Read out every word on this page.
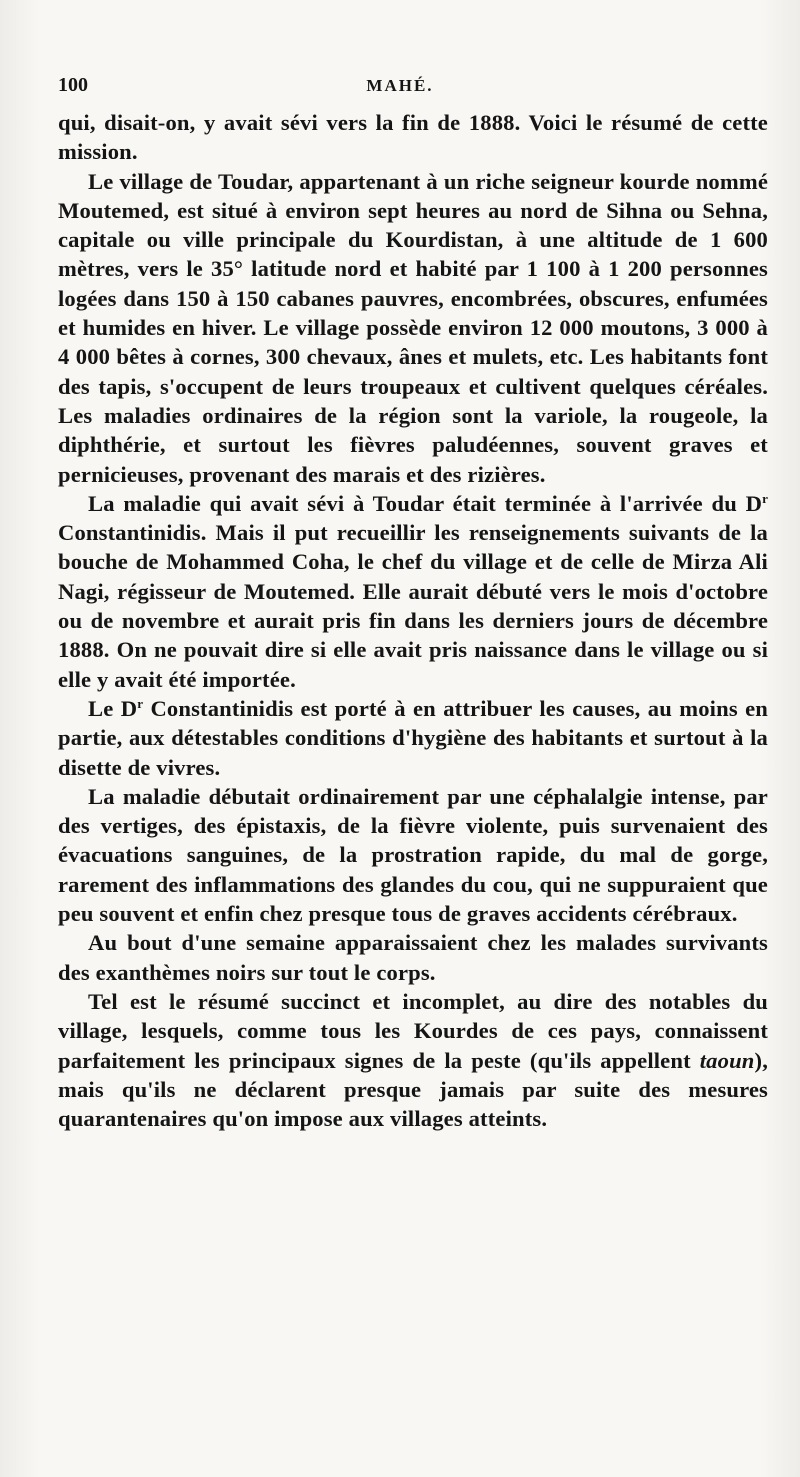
100	MAHÉ.

qui, disait-on, y avait sévi vers la fin de 1888. Voici le résumé de cette mission.

Le village de Toudar, appartenant à un riche seigneur kourde nommé Moutemed, est situé à environ sept heures au nord de Sihna ou Sehna, capitale ou ville principale du Kourdistan, à une altitude de 1 600 mètres, vers le 35° latitude nord et habité par 1 100 à 1 200 personnes logées dans 150 à 150 cabanes pauvres, encombrées, obscures, enfumées et humides en hiver. Le village possède environ 12 000 moutons, 3 000 à 4 000 bêtes à cornes, 300 chevaux, ânes et mulets, etc. Les habitants font des tapis, s'occupent de leurs troupeaux et cultivent quelques céréales. Les maladies ordinaires de la région sont la variole, la rougeole, la diphthérie, et surtout les fièvres paludéennes, souvent graves et pernicieuses, provenant des marais et des rizières.

La maladie qui avait sévi à Toudar était terminée à l'arrivée du $D^r$ Constantinidis. Mais il put recueillir les renseignements suivants de la bouche de Mohammed Coha, le chef du village et de celle de Mirza Ali Nagi, régisseur de Moutemed. Elle aurait débuté vers le mois d'octobre ou de novembre et aurait pris fin dans les derniers jours de décembre 1888. On ne pouvait dire si elle avait pris naissance dans le village ou si elle y avait été importée.

Le $D^r$ Constantinidis est porté à en attribuer les causes, au moins en partie, aux détestables conditions d'hygiène des habitants et surtout à la disette de vivres.

La maladie débutait ordinairement par une céphalalgie intense, par des vertiges, des épistaxis, de la fièvre violente, puis survenaient des évacuations sanguines, de la prostration rapide, du mal de gorge, rarement des inflammations des glandes du cou, qui ne suppuraient que peu souvent et enfin chez presque tous de graves accidents cérébraux.

Au bout d'une semaine apparaissaient chez les malades survivants des exanthèmes noirs sur tout le corps.

Tel est le résumé succinct et incomplet, au dire des notables du village, lesquels, comme tous les Kourdes de ces pays, connaissent parfaitement les principaux signes de la peste (qu'ils appellent taoun), mais qu'ils ne déclarent presque jamais par suite des mesures quarantenaires qu'on impose aux villages atteints.
